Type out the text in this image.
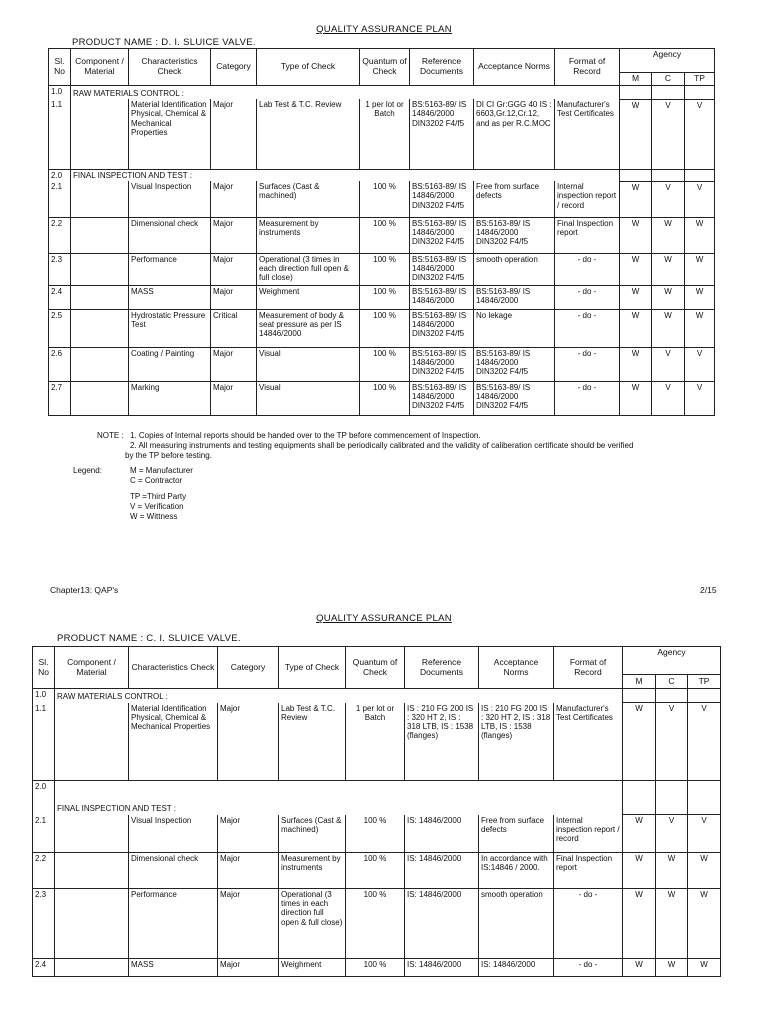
QUALITY ASSURANCE PLAN
PRODUCT NAME : D. I. SLUICE VALVE.
Sl. No	Component / Material	Characteristics Check	Category	Type of Check	Quantum of Check	Reference Documents	Acceptance Norms	Format of Record	Agency		
									M	C	TP
1.0	RAW MATERIALS CONTROL :										
1.1		Material Identification Physical, Chemical & Mechanical Properties	Major	Lab Test & T.C. Review	1 per lot or Batch	BS:5163-89/ IS 14846/2000 DIN3202 F4/f5	DI CI Gr:GGG 40 IS : 6603,Gr.12,Cr.12, and as per R.C.MOC	Manufacturer's Test Certificates	W	V	V
2.0	FINAL INSPECTION AND TEST :										
2.1		Visual Inspection	Major	Surfaces (Cast & machined)	100 %	BS:5163-89/ IS 14846/2000 DIN3202 F4/f5	Free from surface defects	Internal inspection report / record	W	V	V
2.2		Dimensional check	Major	Measurement by instruments	100 %	BS:5163-89/ IS 14846/2000 DIN3202 F4/f5	BS:5163-89/ IS 14846/2000 DIN3202 F4/f5	Final Inspection report	W	W	W
2.3		Performance	Major	Operational (3 times in each direction full open & full close)	100 %	BS:5163-89/ IS 14846/2000 DIN3202 F4/f5	smooth operation	- do -	W	W	W
2.4		MASS	Major	Weighment	100 %	BS:5163-89/ IS 14846/2000	BS:5163-89/ IS 14846/2000	- do -	W	W	W
2.5		Hydrostatic Pressure Test	Critical	Measurement of body & seat pressure as per IS 14846/2000	100 %	BS:5163-89/ IS 14846/2000 DIN3202 F4/f5	No lekage	- do -	W	W	W
2.6		Coating / Painting	Major	Visual	100 %	BS:5163-89/ IS 14846/2000 DIN3202 F4/f5	BS:5163-89/ IS 14846/2000 DIN3202 F4/f5	- do -	W	V	V
2.7		Marking	Major	Visual	100 %	BS:5163-89/ IS 14846/2000 DIN3202 F4/f5	BS:5163-89/ IS 14846/2000 DIN3202 F4/f5	- do -	W	V	V
NOTE : 1. Copies of Internal reports should be handed over to the TP before commencement of Inspection.
2. All measuring instruments and testing equipments shall be periodically calibrated and the validity of caliberation certificate should be verified
by the TP before testing.
Legend:	M = Manufacturer
C = Contractor
TP =Third Party
V = Verification
W = Wittness
Chapter13: QAP's	2/15
QUALITY ASSURANCE PLAN
PRODUCT NAME : C. I. SLUICE VALVE.
Sl. No	Component / Material	Characteristics Check	Category	Type of Check	Quantum of Check	Reference Documents	Acceptance Norms	Format of Record	Agency		
									M	C	TP
1.0	RAW MATERIALS CONTROL :										
1.1		Material Identification Physical, Chemical & Mechanical Properties	Major	Lab Test & T.C. Review	1 per lot or Batch	IS : 210 FG 200 IS : 320 HT 2, IS : 318 LTB, IS : 1538 (flanges)	IS : 210 FG 200 IS : 320 HT 2, IS : 318 LTB, IS : 1538 (flanges)	Manufacturer's Test Certificates	W	V	V
2.0	FINAL INSPECTION AND TEST :										
2.1		Visual Inspection	Major	Surfaces (Cast & machined)	100 %	IS: 14846/2000	Free from surface defects	Internal inspection report / record	W	V	V
2.2		Dimensional check	Major	Measurement by instruments	100 %	IS: 14846/2000	In accordance with IS:14846 / 2000.	Final Inspection report	W	W	W
2.3		Performance	Major	Operational (3 times in each direction full open & full close)	100 %	IS: 14846/2000	smooth operation	- do -	W	W	W
2.4		MASS	Major	Weighment	100 %	IS: 14846/2000	IS: 14846/2000	- do -	W	W	W
